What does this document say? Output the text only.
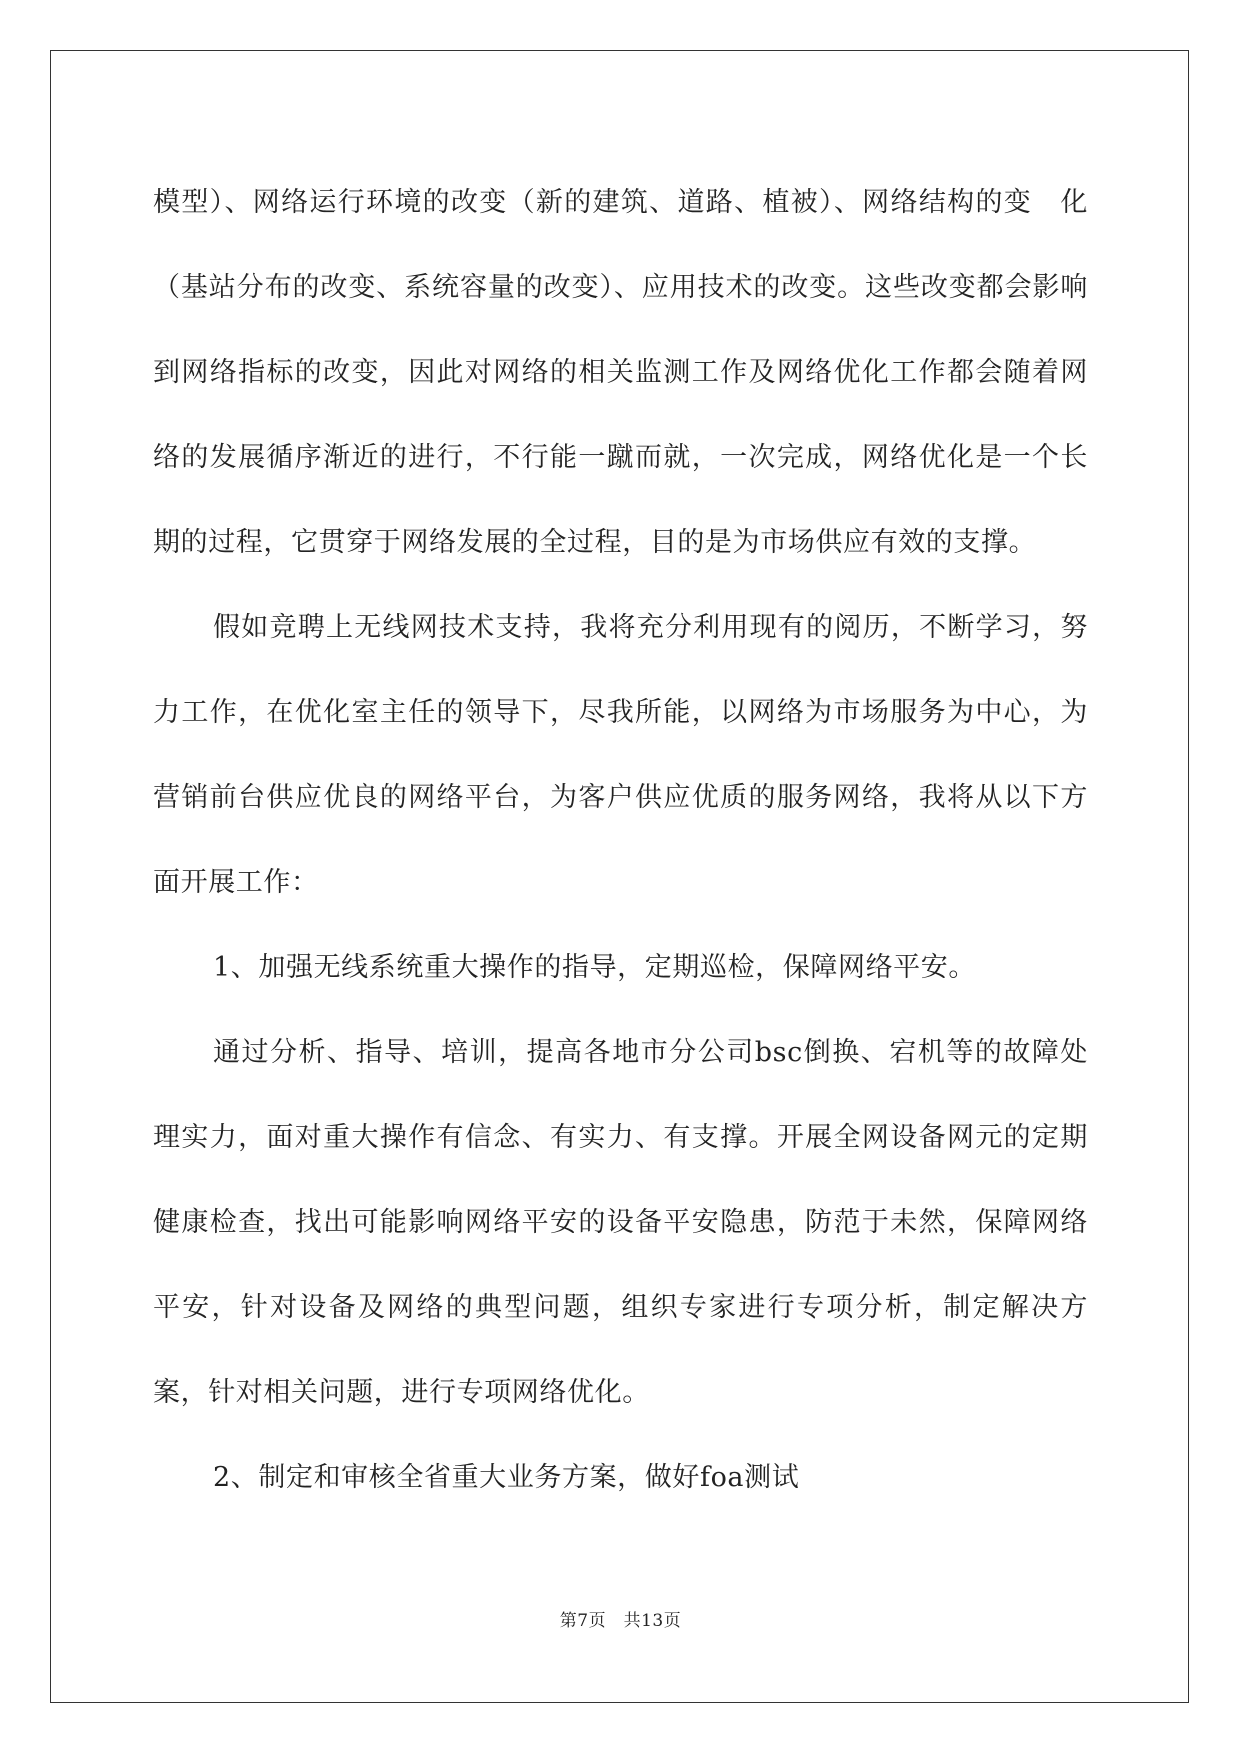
模型）、网络运行环境的改变（新的建筑、道路、植被）、网络结构的变　化（基站分布的改变、系统容量的改变）、应用技术的改变。这些改变都会影响到网络指标的改变，因此对网络的相关监测工作及网络优化工作都会随着网络的发展循序渐近的进行，不行能一蹴而就，一次完成，网络优化是一个长期的过程，它贯穿于网络发展的全过程，目的是为市场供应有效的支撑。

假如竞聘上无线网技术支持，我将充分利用现有的阅历，不断学习，努力工作，在优化室主任的领导下，尽我所能，以网络为市场服务为中心，为营销前台供应优良的网络平台，为客户供应优质的服务网络，我将从以下方面开展工作：

1、加强无线系统重大操作的指导，定期巡检，保障网络平安。

通过分析、指导、培训，提高各地市分公司bsc倒换、宕机等的故障处理实力，面对重大操作有信念、有实力、有支撑。开展全网设备网元的定期健康检查，找出可能影响网络平安的设备平安隐患，防范于未然，保障网络平安，针对设备及网络的典型问题，组织专家进行专项分析，制定解决方案，针对相关问题，进行专项网络优化。

2、制定和审核全省重大业务方案，做好foa测试

第7页　共13页
